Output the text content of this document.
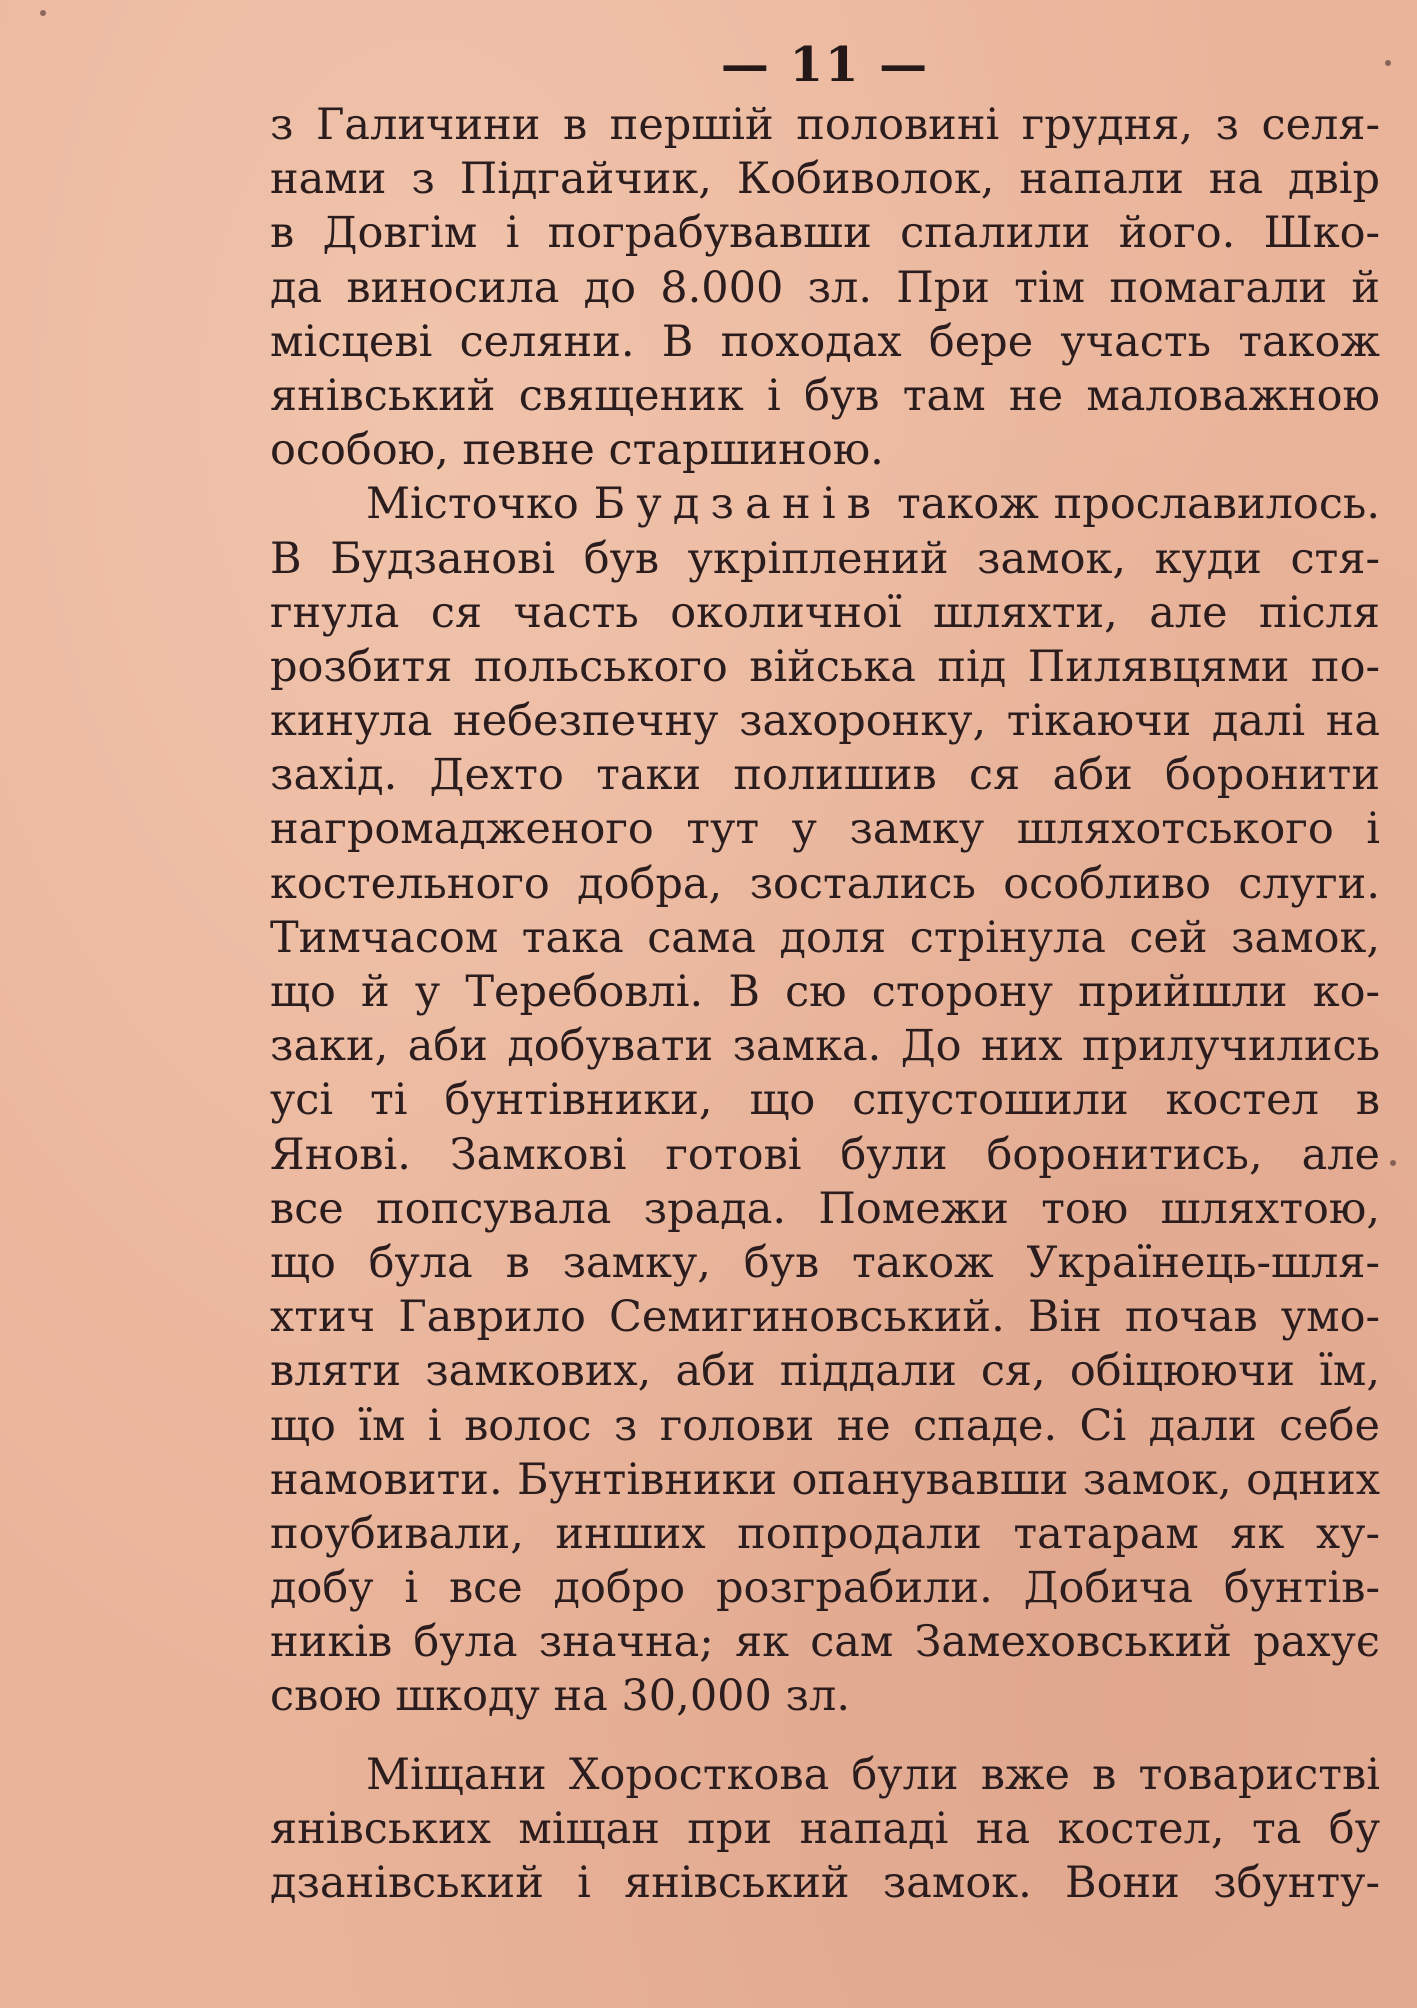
— 11 —
з Галичини в першій половині грудня, з селя-
нами з Підгайчик, Кобиволок, напали на двір
в Довгім і пограбувавши спалили його. Шко-
да виносила до 8.000 зл. При тім помагали й
місцеві селяни. В походах бере участь також
янівський священик і був там не маловажною
особою, певне старшиною.
Місточко Будзанів також прославилось.
В Будзанові був укріплений замок, куди стя-
гнула ся часть околичної шляхти, але після
розбитя польського війська під Пилявцями по-
кинула небезпечну захоронку, тікаючи далі на
захід. Дехто таки полишив ся аби боронити
нагромадженого тут у замку шляхотського і
костельного добра, зостались особливо слуги.
Тимчасом така сама доля стрінула сей замок,
що й у Теребовлі. В сю сторону прийшли ко-
заки, аби добувати замка. До них прилучились
усі ті бунтівники, що спустошили костел в
Янові. Замкові готові були боронитись, але
все попсувала зрада. Помежи тою шляхтою,
що була в замку, був також Українець-шля-
хтич Гаврило Семигиновський. Він почав умо-
вляти замкових, аби піддали ся, обіцюючи їм,
що їм і волос з голови не спаде. Сі дали себе
намовити. Бунтівники опанувавши замок, одних
поубивали, инших попродали татарам як ху-
добу і все добро розграбили. Добича бунтів-
ників була значна; як сам Замеховський рахує
свою шкоду на 30,000 зл.
Міщани Хоросткова були вже в товаристві
янівських міщан при нападі на костел, та бу
дзанівський і янівський замок. Вони збунту-
